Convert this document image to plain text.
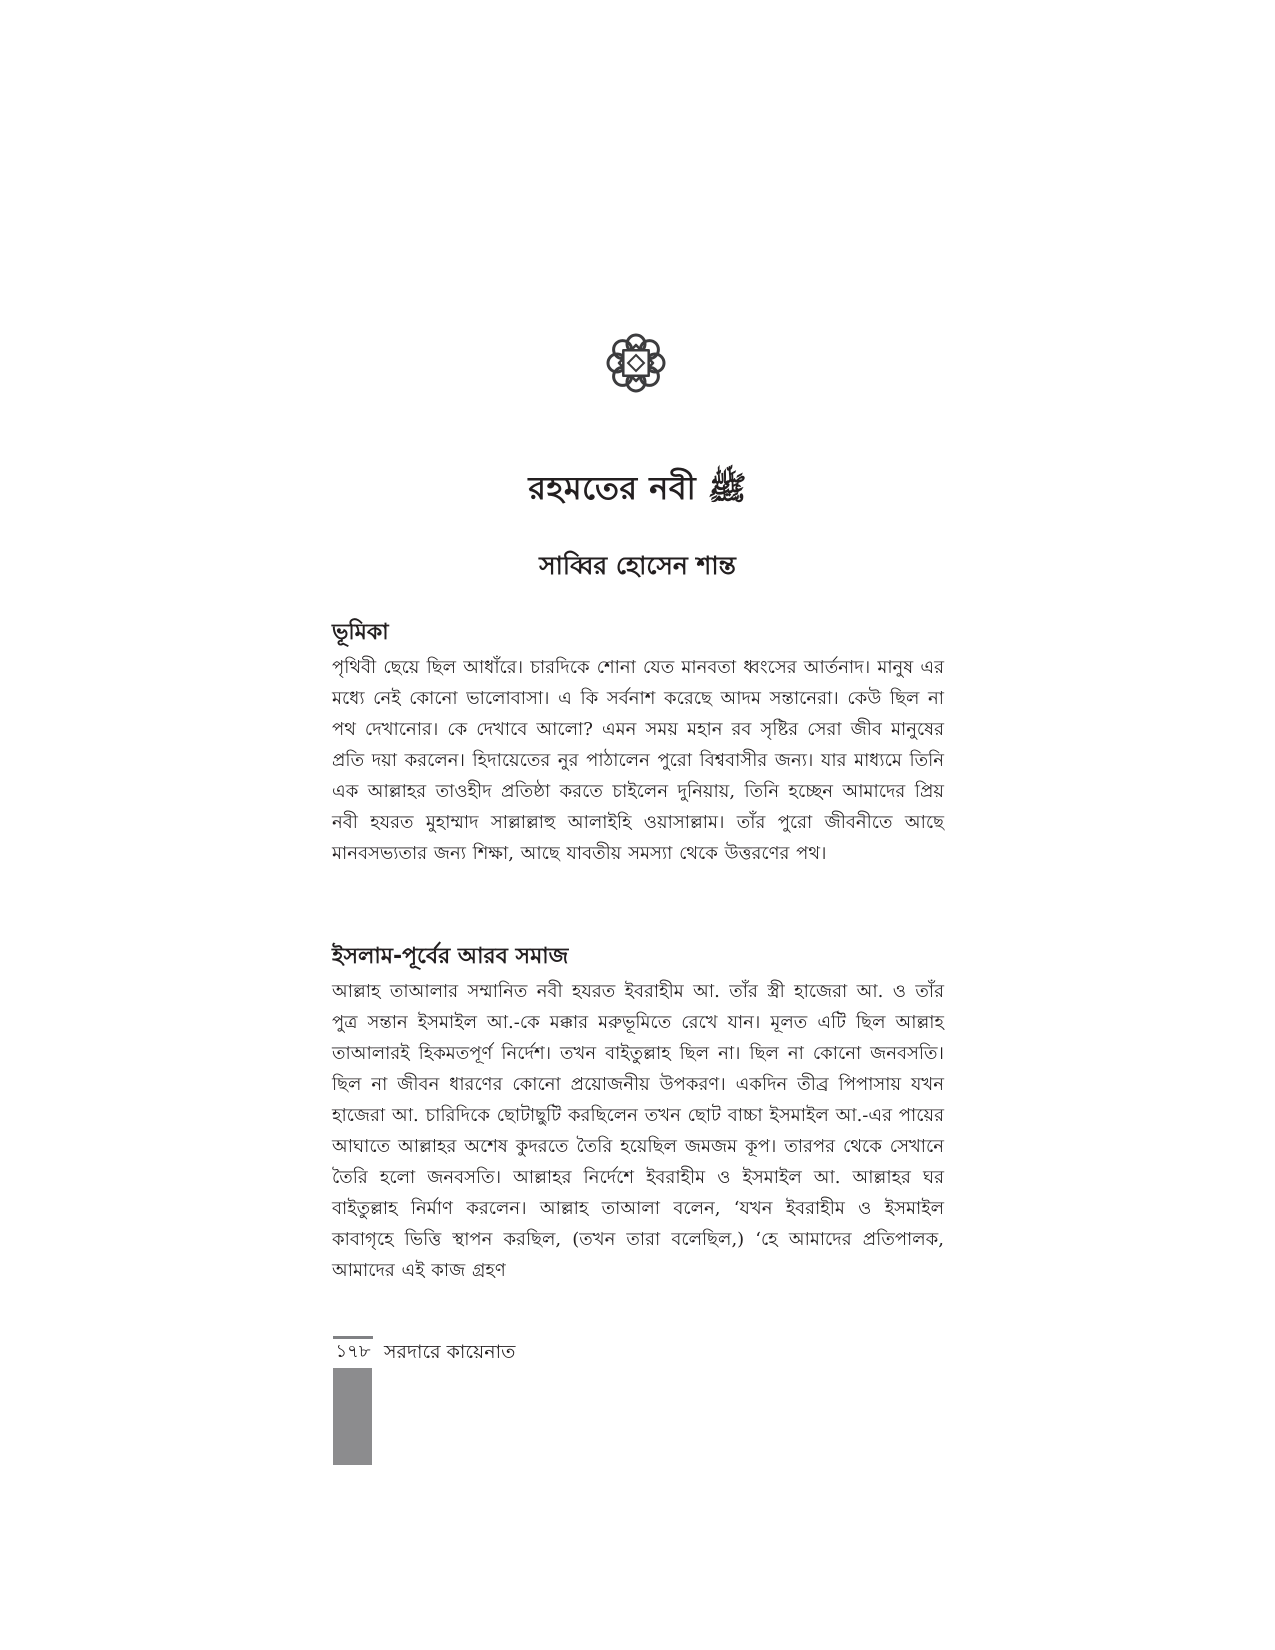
রহমতের নবী ﷺ
সাব্বির হোসেন শান্ত
ভূমিকা

পৃথিবী ছেয়ে ছিল আধাঁরে। চারদিকে শোনা যেত মানবতা ধ্বংসের আর্তনাদ। মানুষ এর মধ্যে নেই কোনো ভালোবাসা। এ কি সর্বনাশ করেছে আদম সন্তানেরা। কেউ ছিল না পথ দেখানোর। কে দেখাবে আলো? এমন সময় মহান রব সৃষ্টির সেরা জীব মানুষের প্রতি দয়া করলেন। হিদায়েতের নুর পাঠালেন পুরো বিশ্ববাসীর জন্য। যার মাধ্যমে তিনি এক আল্লাহর তাওহীদ প্রতিষ্ঠা করতে চাইলেন দুনিয়ায়, তিনি হচ্ছেন আমাদের প্রিয় নবী হযরত মুহাম্মাদ সাল্লাল্লাহু আলাইহি ওয়াসাল্লাম। তাঁর পুরো জীবনীতে আছে মানবসভ্যতার জন্য শিক্ষা, আছে যাবতীয় সমস্যা থেকে উত্তরণের পথ।

ইসলাম-পূর্বের আরব সমাজ

আল্লাহ তাআলার সম্মানিত নবী হযরত ইবরাহীম আ. তাঁর স্ত্রী হাজেরা আ. ও তাঁর পুত্র সন্তান ইসমাইল আ.-কে মক্কার মরুভূমিতে রেখে যান। মূলত এটি ছিল আল্লাহ তাআলারই হিকমতপূর্ণ নির্দেশ। তখন বাইতুল্লাহ ছিল না। ছিল না কোনো জনবসতি। ছিল না জীবন ধারণের কোনো প্রয়োজনীয় উপকরণ। একদিন তীব্র পিপাসায় যখন হাজেরা আ. চারিদিকে ছোটাছুটি করছিলেন তখন ছোট বাচ্চা ইসমাইল আ.-এর পায়ের আঘাতে আল্লাহর অশেষ কুদরতে তৈরি হয়েছিল জমজম কূপ। তারপর থেকে সেখানে তৈরি হলো জনবসতি। আল্লাহর নির্দেশে ইবরাহীম ও ইসমাইল আ. আল্লাহর ঘর বাইতুল্লাহ নির্মাণ করলেন। আল্লাহ তাআলা বলেন, ‘যখন ইবরাহীম ও ইসমাইল কাবাগৃহে ভিত্তি স্থাপন করছিল, (তখন তারা বলেছিল,) ‘হে আমাদের প্রতিপালক, আমাদের এই কাজ গ্রহণ

১৭৮ সরদারে কায়েনাত
